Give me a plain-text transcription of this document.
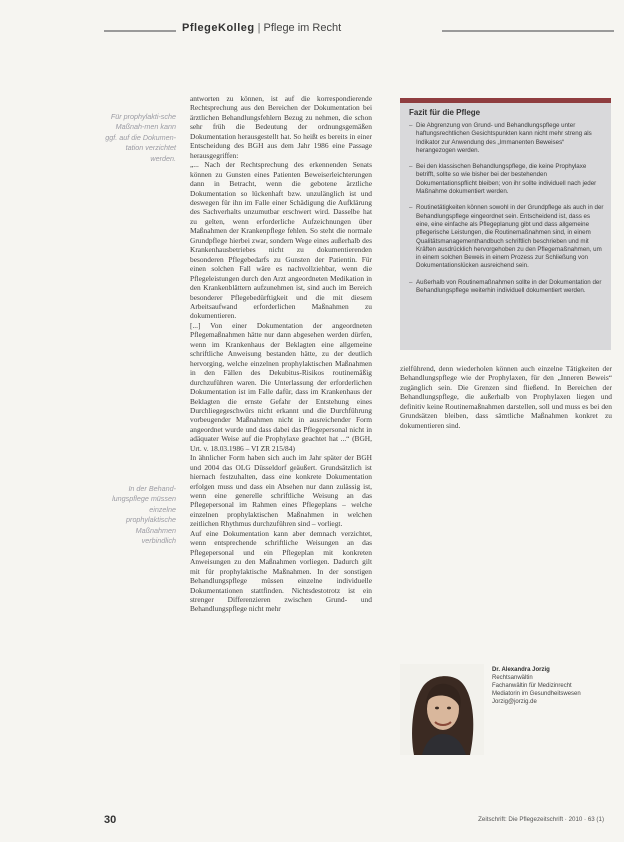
PflegeKolleg | Pflege im Recht
Für prophylakti-sche Maßnah-men kann ggf. auf die Dokumen-tation verzichtet werden.
In der Behand-lungspflege müssen einzelne prophylaktische Maßnahmen verbindlich

antworten zu können, ist auf die korrespondierende Rechtsprechung aus den Bereichen der Dokumentation bei ärztlichen Behandlungsfehlern Bezug zu nehmen, die schon sehr früh die Bedeutung der ordnungsgemäßen Dokumentation herausgestellt hat. So heißt es bereits in einer Entscheidung des BGH aus dem Jahr 1986 eine Passage herausgegriffen:

„... Nach der Rechtsprechung des erkennenden Senats können zu Gunsten eines Patienten Beweiserleichterungen dann in Betracht, wenn die gebotene ärztliche Dokumentation so lückenhaft bzw. unzulänglich ist und deswegen für ihn im Falle einer Schädigung die Aufklärung des Sachverhalts unzumutbar erschwert wird. Dasselbe hat zu gelten, wenn erforderliche Aufzeichnungen über Maßnahmen der Krankenpflege fehlen. So steht die normale Grundpflege hierbei zwar, sondern Wege eines außerhalb des Krankenhausbetriebes nicht zu dokumentierenden besonderen Pflegebedarfs zu Gunsten der Patientin. Für einen solchen Fall wäre es nachvollziehbar, wenn die Pflegeleistungen durch den Arzt angeordneten Medikation in den Krankenblättern aufzunehmen ist, sind auch im Bereich besonderer Pflegebedürftigkeit und die mit diesem Arbeitsaufwand erforderlichen Maßnahmen zu dokumentieren.

[...] Von einer Dokumentation der angeordneten Pflegemaßnahmen hätte nur dann abgesehen werden dürfen, wenn im Krankenhaus der Beklagten eine allgemeine schriftliche Anweisung bestanden hätte, zu der deutlich hervorging, welche einzelnen prophylaktischen Maßnahmen in den Fällen des Dekubitus-Risikos routinemäßig durchzuführen waren. Die Unterlassung der erforderlichen Dokumentation ist im Falle dafür, dass im Krankenhaus der Beklagten die ernste Gefahr der Entstehung eines Durchliegegeschwürs nicht erkannt und die Durchführung vorbeugender Maßnahmen nicht in ausreichender Form angeordnet wurde und dass dabei das Pflegepersonal nicht in adäquater Weise auf die Prophylaxe geachtet hat ...“ (BGH, Urt. v. 18.03.1986 – VI ZR 215/84)

In ähnlicher Form haben sich auch im Jahr später der BGH und 2004 das OLG Düsseldorf geäußert. Grundsätzlich ist hiernach festzuhalten, dass eine konkrete Dokumentation erfolgen muss und dass ein Absehen nur dann zulässig ist, wenn eine generelle schriftliche Weisung an das Pflegepersonal im Rahmen eines Pflegeplans – welche einzelnen prophylaktischen Maßnahmen in welchen zeitlichen Rhythmus durchzuführen sind – vorliegt.

Auf eine Dokumentation kann aber demnach verzichtet, wenn entsprechende schriftliche Weisungen an das Pflegepersonal und ein Pflegeplan mit konkreten Anweisungen zu den Maßnahmen vorliegen. Dadurch gilt mit für prophylaktische Maßnahmen. In der sonstigen Behandlungspflege müssen einzelne individuelle Dokumentationen stattfinden. Nichtsdestotrotz ist ein strenger Differenzieren zwischen Grund- und Behandlungspflege nicht mehr

Fazit für die Pflege
– Die Abgrenzung von Grund- und Behandlungspflege unter haftungsrechtlichen Gesichtspunkten kann nicht mehr streng als Indikator zur Anwendung des „Immanenten Beweises“ herangezogen werden.
– Bei den klassischen Behandlungspflege, die keine Prophylaxe betrifft, sollte so wie bisher bei der bestehenden Dokumentationspflicht bleiben; von ihr sollte individuell nach jeder Maßnahme dokumentiert werden.
– Routinetätigkeiten können sowohl in der Grundpflege als auch in der Behandlungspflege eingeordnet sein. Entscheidend ist, dass es eine, eine einfache als Pflegeplanung gibt und dass allgemeine pflegerische Leistungen, die Routinemaßnahmen sind, in einem Qualitätsmanagementhandbuch schriftlich beschrieben und mit Kräften ausdrücklich hervorgehoben zu den Pflegemaßnahmen, um in einem solchen Beweis in einem Prozess zur Schließung von Dokumentationslücken ausreichend sein.
– Außerhalb von Routinemaßnahmen sollte in der Dokumentation der Behandlungspflege weiterhin individuell dokumentiert werden.

zielführend, denn wiederholen können auch einzelne Tätigkeiten der Behandlungspflege wie der Prophylaxen, für den „Inneren Beweis“ zugänglich sein. Die Grenzen sind fließend. In Bereichen der Behandlungspflege, die außerhalb von Prophylaxen liegen und definitiv keine Routinemaßnahmen darstellen, soll und muss es bei den Grundsätzen bleiben, dass sämtliche Maßnahmen konkret zu dokumentieren sind.

Dr. Alexandra Jorzig
Rechtsanwältin
Fachanwältin für Medizinrecht
Mediatorin im Gesundheitswesen
Jorzig@jorzig.de
30	Zeitschrift: Die Pflegezeitschrift · 2010 · 63 (1)
